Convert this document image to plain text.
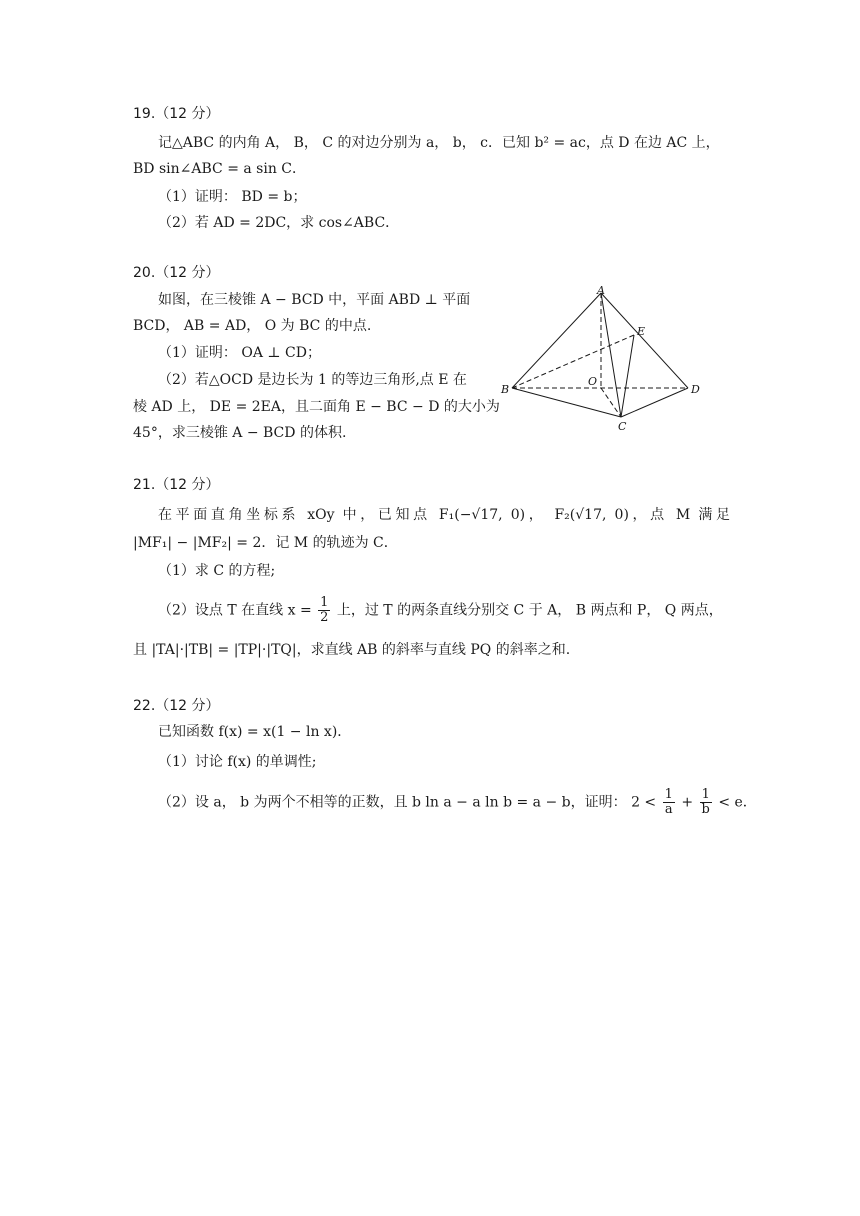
19.（12 分）
记△ABC 的内角 A， B， C 的对边分别为 a， b， c．已知 b² = ac，点 D 在边 AC 上，
BD sin∠ABC = a sin C．
（1）证明： BD = b；
（2）若 AD = 2DC，求 cos∠ABC．
20.（12 分）
如图，在三棱锥 A − BCD 中，平面 ABD ⊥ 平面
BCD， AB = AD， O 为 BC 的中点.
（1）证明： OA ⊥ CD；
（2）若△OCD 是边长为 1 的等边三角形,点 E 在
棱 AD 上， DE = 2EA，且二面角 E − BC − D 的大小为
45°，求三棱锥 A − BCD 的体积.
A
B
C
D
E
O
21.（12 分）
在平面直角坐标系 xOy 中，已知点 F₁(−√17, 0)， F₂(√17, 0)，点 M 满足
|MF₁| − |MF₂| = 2．记 M 的轨迹为 C．
（1）求 C 的方程;
（2）设点 T 在直线 $x = \frac{1}{2}$ 上，过 T 的两条直线分别交 C 于 A， B 两点和 P， Q 两点，
且 |TA|·|TB| = |TP|·|TQ|，求直线 AB 的斜率与直线 PQ 的斜率之和.
22.（12 分）
已知函数 f(x) = x(1 − ln x)．
（1）讨论 f(x) 的单调性;
（2）设 a， b 为两个不相等的正数，且 b ln a − a ln b = a − b，证明： $2 < \frac{1}{a} + \frac{1}{b} < e$．
